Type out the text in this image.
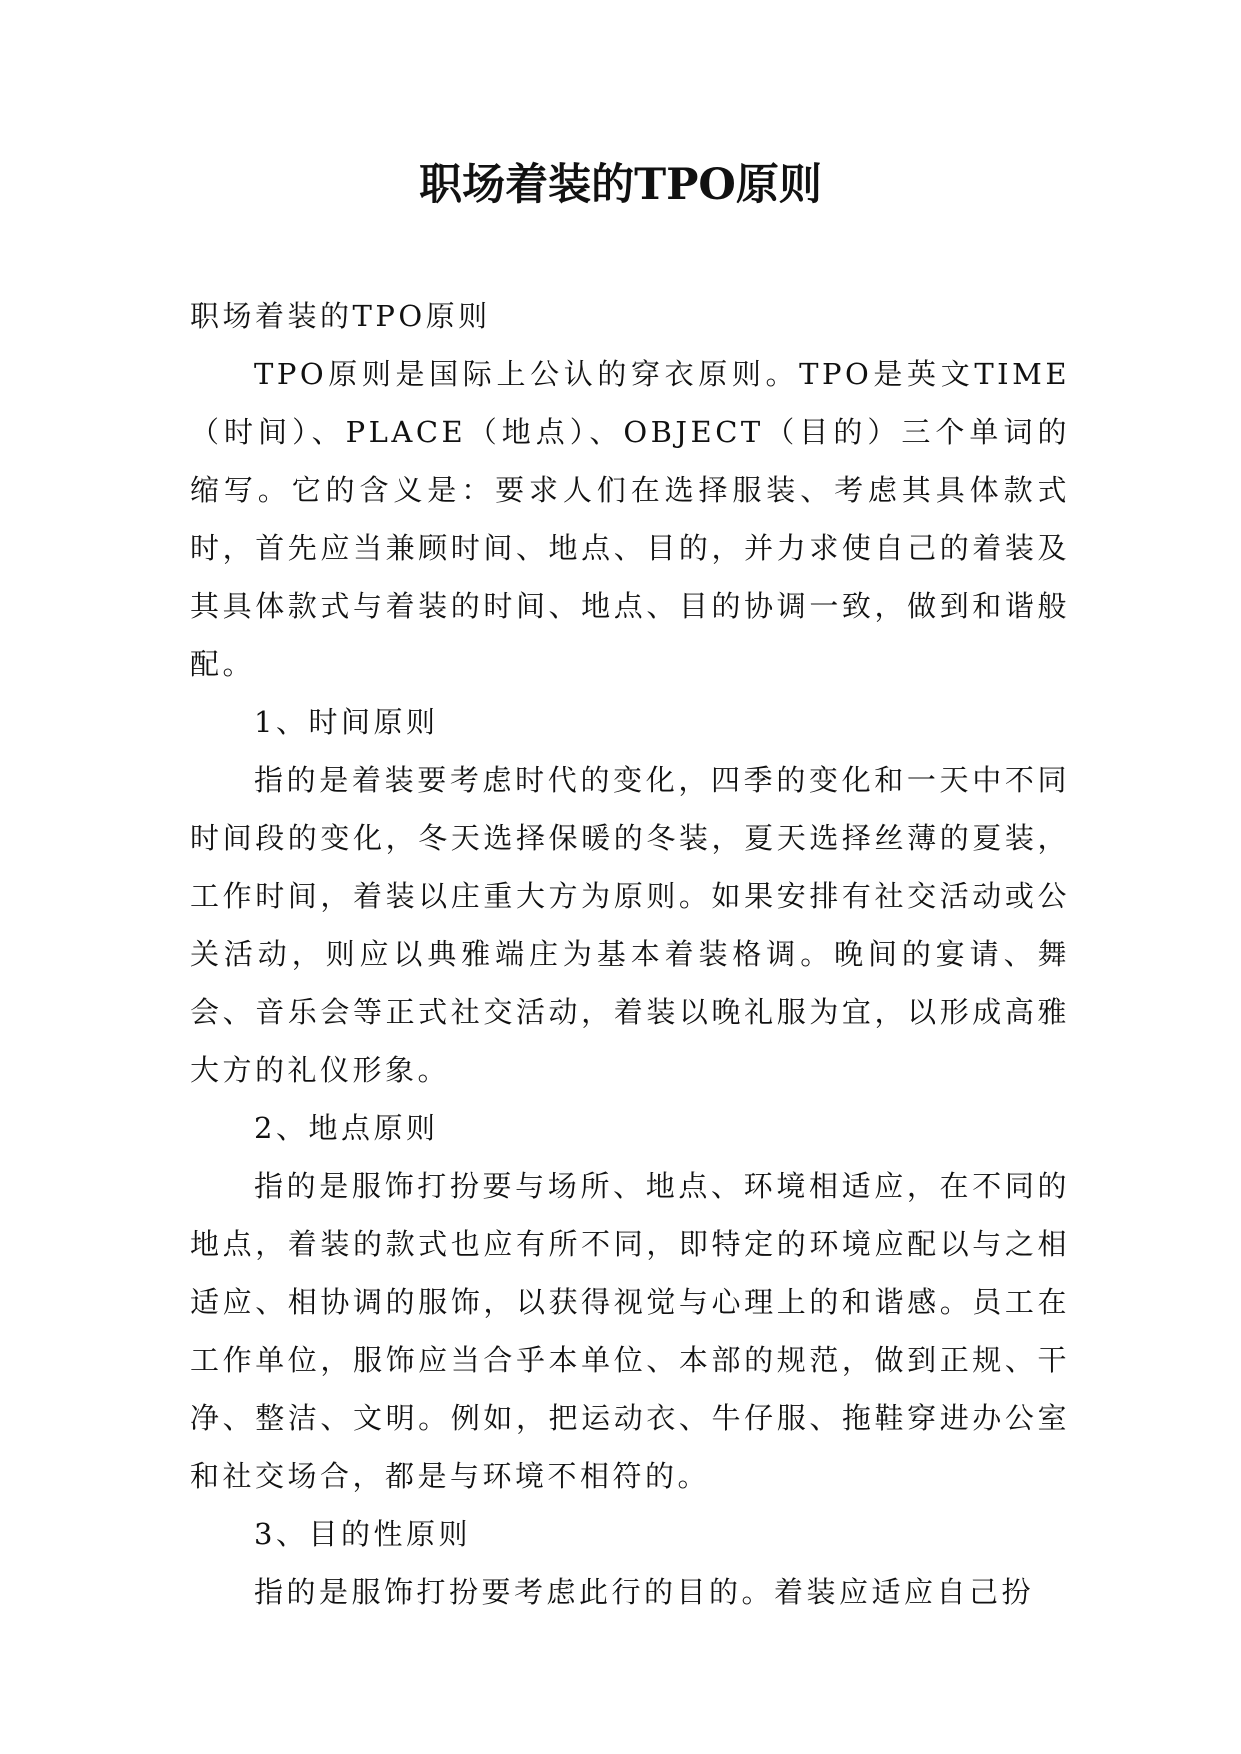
职场着装的TPO原则

职场着装的TPO原则

TPO原则是国际上公认的穿衣原则。TPO是英文TIME（时间）、PLACE（地点）、OBJECT（目的）三个单词的缩写。它的含义是：要求人们在选择服装、考虑其具体款式时，首先应当兼顾时间、地点、目的，并力求使自己的着装及其具体款式与着装的时间、地点、目的协调一致，做到和谐般配。

1、时间原则

指的是着装要考虑时代的变化，四季的变化和一天中不同时间段的变化，冬天选择保暖的冬装，夏天选择丝薄的夏装，工作时间，着装以庄重大方为原则。如果安排有社交活动或公关活动，则应以典雅端庄为基本着装格调。晚间的宴请、舞会、音乐会等正式社交活动，着装以晚礼服为宜，以形成高雅大方的礼仪形象。

2、地点原则

指的是服饰打扮要与场所、地点、环境相适应，在不同的地点，着装的款式也应有所不同，即特定的环境应配以与之相适应、相协调的服饰，以获得视觉与心理上的和谐感。员工在工作单位，服饰应当合乎本单位、本部的规范，做到正规、干净、整洁、文明。例如，把运动衣、牛仔服、拖鞋穿进办公室和社交场合，都是与环境不相符的。

3、目的性原则

指的是服饰打扮要考虑此行的目的。着装应适应自己扮
